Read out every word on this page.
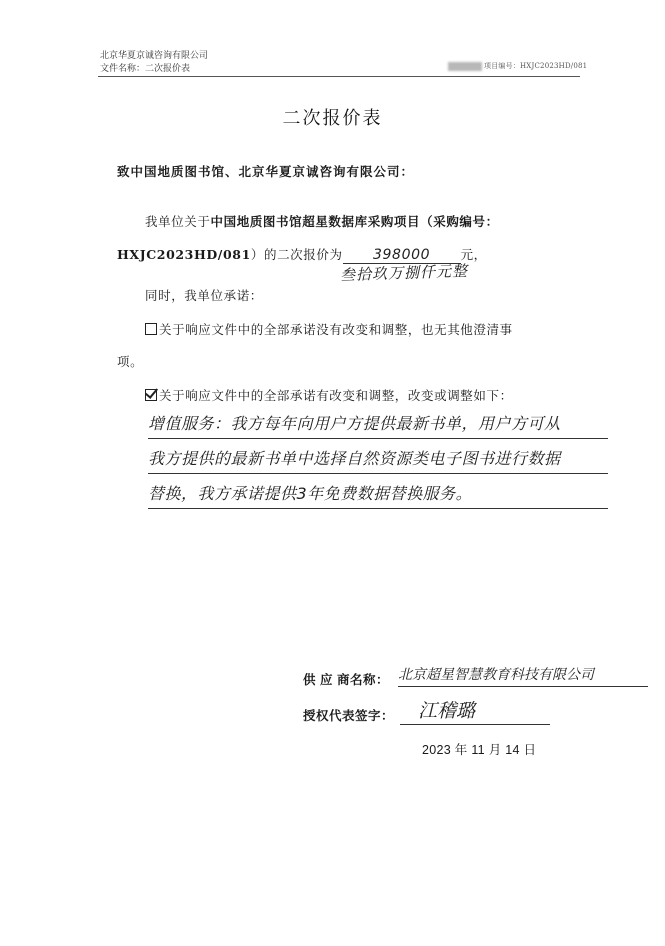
北京华夏京诚咨询有限公司
文件名称：二次报价表	项目编号：HXJC2023HD/081
二次报价表
致中国地质图书馆、北京华夏京诚咨询有限公司：
我单位关于中国地质图书馆超星数据库采购项目（采购编号：
HXJC2023HD/081）的二次报价为 398000 元，
叁拾玖万捌仟元整
同时，我单位承诺：
关于响应文件中的全部承诺没有改变和调整，也无其他澄清事
项。
关于响应文件中的全部承诺有改变和调整，改变或调整如下：
增值服务：我方每年向用户方提供最新书单，用户方可从
我方提供的最新书单中选择自然资源类电子图书进行数据
替换，我方承诺提供3年免费数据替换服务。
供 应 商名称： 北京超星智慧教育科技有限公司
授权代表签字：	江稽璐
2023 年 11 月 14 日
